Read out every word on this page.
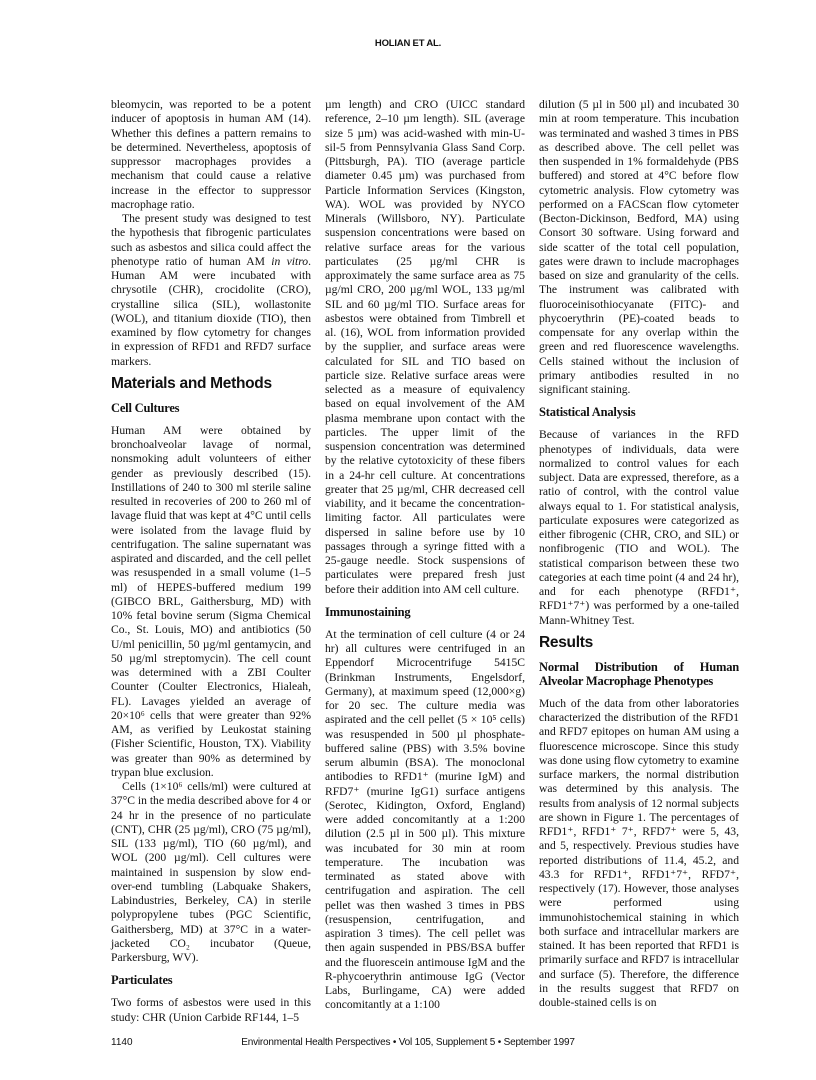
HOLIAN ET AL.

bleomycin, was reported to be a potent inducer of apoptosis in human AM (14). Whether this defines a pattern remains to be determined. Nevertheless, apoptosis of suppressor macrophages provides a mechanism that could cause a relative increase in the effector to suppressor macrophage ratio.

The present study was designed to test the hypothesis that fibrogenic particulates such as asbestos and silica could affect the phenotype ratio of human AM in vitro. Human AM were incubated with chrysotile (CHR), crocidolite (CRO), crystalline silica (SIL), wollastonite (WOL), and titanium dioxide (TIO), then examined by flow cytometry for changes in expression of RFD1 and RFD7 surface markers.

Materials and Methods
Cell Cultures

Human AM were obtained by bronchoalveolar lavage of normal, nonsmoking adult volunteers of either gender as previously described (15). Instillations of 240 to 300 ml sterile saline resulted in recoveries of 200 to 260 ml of lavage fluid that was kept at 4°C until cells were isolated from the lavage fluid by centrifugation. The saline supernatant was aspirated and discarded, and the cell pellet was resuspended in a small volume (1–5 ml) of HEPES-buffered medium 199 (GIBCO BRL, Gaithersburg, MD) with 10% fetal bovine serum (Sigma Chemical Co., St. Louis, MO) and antibiotics (50 U/ml penicillin, 50 µg/ml gentamycin, and 50 µg/ml streptomycin). The cell count was determined with a ZBI Coulter Counter (Coulter Electronics, Hialeah, FL). Lavages yielded an average of 20×10⁶ cells that were greater than 92% AM, as verified by Leukostat staining (Fisher Scientific, Houston, TX). Viability was greater than 90% as determined by trypan blue exclusion.

Cells (1×10⁶ cells/ml) were cultured at 37°C in the media described above for 4 or 24 hr in the presence of no particulate (CNT), CHR (25 µg/ml), CRO (75 µg/ml), SIL (133 µg/ml), TIO (60 µg/ml), and WOL (200 µg/ml). Cell cultures were maintained in suspension by slow end-over-end tumbling (Labquake Shakers, Labindustries, Berkeley, CA) in sterile polypropylene tubes (PGC Scientific, Gaithersberg, MD) at 37°C in a water-jacketed CO₂ incubator (Queue, Parkersburg, WV).

Particulates

Two forms of asbestos were used in this study: CHR (Union Carbide RF144, 1–5

µm length) and CRO (UICC standard reference, 2–10 µm length). SIL (average size 5 µm) was acid-washed with min-U-sil-5 from Pennsylvania Glass Sand Corp. (Pittsburgh, PA). TIO (average particle diameter 0.45 µm) was purchased from Particle Information Services (Kingston, WA). WOL was provided by NYCO Minerals (Willsboro, NY). Particulate suspension concentrations were based on relative surface areas for the various particulates (25 µg/ml CHR is approximately the same surface area as 75 µg/ml CRO, 200 µg/ml WOL, 133 µg/ml SIL and 60 µg/ml TIO. Surface areas for asbestos were obtained from Timbrell et al. (16), WOL from information provided by the supplier, and surface areas were calculated for SIL and TIO based on particle size. Relative surface areas were selected as a measure of equivalency based on equal involvement of the AM plasma membrane upon contact with the particles. The upper limit of the suspension concentration was determined by the relative cytotoxicity of these fibers in a 24-hr cell culture. At concentrations greater that 25 µg/ml, CHR decreased cell viability, and it became the concentration-limiting factor. All particulates were dispersed in saline before use by 10 passages through a syringe fitted with a 25-gauge needle. Stock suspensions of particulates were prepared fresh just before their addition into AM cell culture.

Immunostaining

At the termination of cell culture (4 or 24 hr) all cultures were centrifuged in an Eppendorf Microcentrifuge 5415C (Brinkman Instruments, Engelsdorf, Germany), at maximum speed (12,000×g) for 20 sec. The culture media was aspirated and the cell pellet (5 × 10⁵ cells) was resuspended in 500 µl phosphate-buffered saline (PBS) with 3.5% bovine serum albumin (BSA). The monoclonal antibodies to RFD1⁺ (murine IgM) and RFD7⁺ (murine IgG1) surface antigens (Serotec, Kidington, Oxford, England) were added concomitantly at a 1:200 dilution (2.5 µl in 500 µl). This mixture was incubated for 30 min at room temperature. The incubation was terminated as stated above with centrifugation and aspiration. The cell pellet was then washed 3 times in PBS (resuspension, centrifugation, and aspiration 3 times). The cell pellet was then again suspended in PBS/BSA buffer and the fluorescein antimouse IgM and the R-phycoerythrin antimouse IgG (Vector Labs, Burlingame, CA) were added concomitantly at a 1:100

dilution (5 µl in 500 µl) and incubated 30 min at room temperature. This incubation was terminated and washed 3 times in PBS as described above. The cell pellet was then suspended in 1% formaldehyde (PBS buffered) and stored at 4°C before flow cytometric analysis. Flow cytometry was performed on a FACScan flow cytometer (Becton-Dickinson, Bedford, MA) using Consort 30 software. Using forward and side scatter of the total cell population, gates were drawn to include macrophages based on size and granularity of the cells. The instrument was calibrated with fluoroceinisothiocyanate (FITC)- and phycoerythrin (PE)-coated beads to compensate for any overlap within the green and red fluorescence wavelengths. Cells stained without the inclusion of primary antibodies resulted in no significant staining.

Statistical Analysis

Because of variances in the RFD phenotypes of individuals, data were normalized to control values for each subject. Data are expressed, therefore, as a ratio of control, with the control value always equal to 1. For statistical analysis, particulate exposures were categorized as either fibrogenic (CHR, CRO, and SIL) or nonfibrogenic (TIO and WOL). The statistical comparison between these two categories at each time point (4 and 24 hr), and for each phenotype (RFD1⁺, RFD1⁺7⁺) was performed by a one-tailed Mann-Whitney Test.

Results
Normal Distribution of Human Alveolar Macrophage Phenotypes

Much of the data from other laboratories characterized the distribution of the RFD1 and RFD7 epitopes on human AM using a fluorescence microscope. Since this study was done using flow cytometry to examine surface markers, the normal distribution was determined by this analysis. The results from analysis of 12 normal subjects are shown in Figure 1. The percentages of RFD1⁺, RFD1⁺ 7⁺, RFD7⁺ were 5, 43, and 5, respectively. Previous studies have reported distributions of 11.4, 45.2, and 43.3 for RFD1⁺, RFD1⁺7⁺, RFD7⁺, respectively (17). However, those analyses were performed using immunohistochemical staining in which both surface and intracellular markers are stained. It has been reported that RFD1 is primarily surface and RFD7 is intracellular and surface (5). Therefore, the difference in the results suggest that RFD7 on double-stained cells is on

1140	Environmental Health Perspectives • Vol 105, Supplement 5 • September 1997
